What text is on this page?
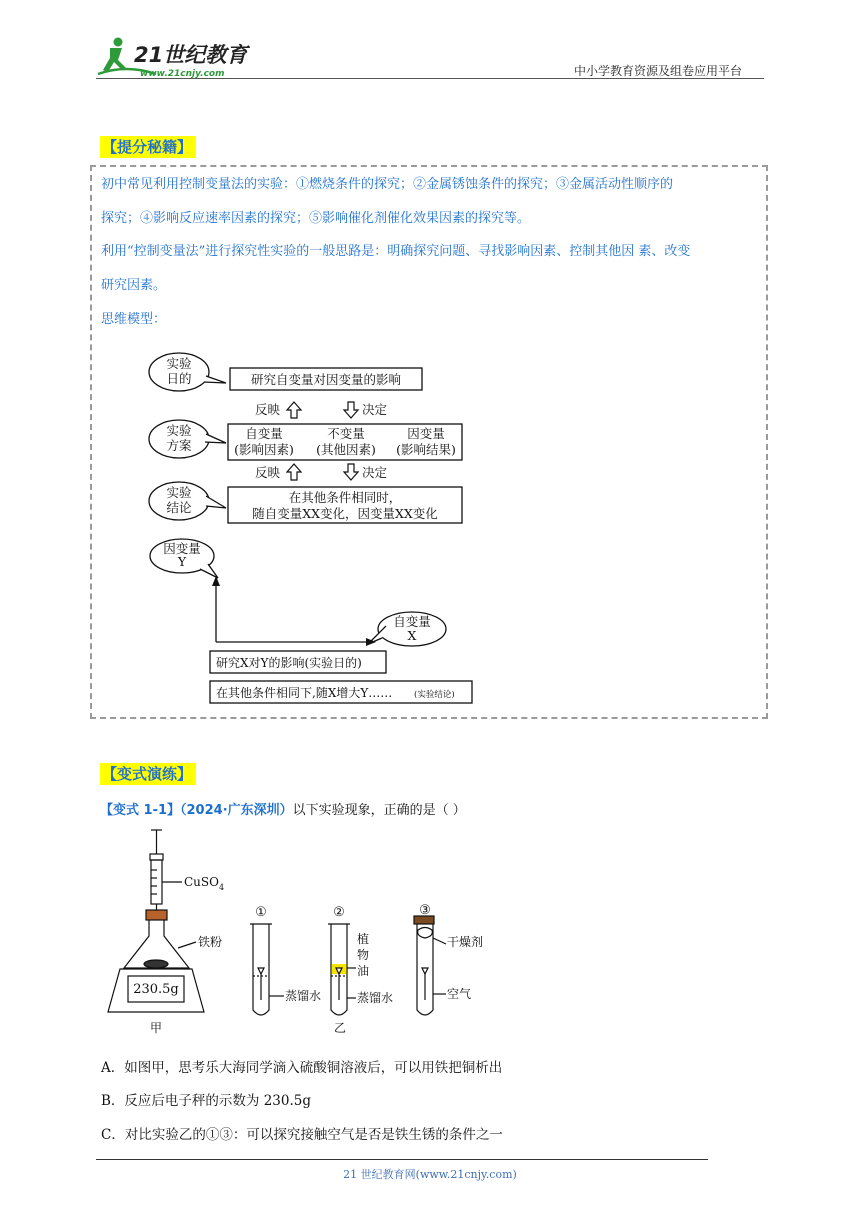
21世纪教育
www.21cnjy.com	中小学教育资源及组卷应用平台
【提分秘籍】
初中常见利用控制变量法的实验：①燃烧条件的探究；②金属锈蚀条件的探究；③金属活动性顺序的
探究；④影响反应速率因素的探究；⑤影响催化剂催化效果因素的探究等。
利用“控制变量法”进行探究性实验的一般思路是：明确探究问题、寻找影响因素、控制其他因 素、改变
研究因素。
思维模型：
实验
日的	研究自变量对因变量的影响
反映	决定
实验
方案
自变量
(影响因素)
不变量
(其他因素)
因变量
(影响结果)
反映	决定
实验
结论
在其他条件相同时，
随自变量XX变化，因变量XX变化
因变量
Y
自变量
X
研究X对Y的影响(实验日的)
在其他条件相同下,随X增大Y……	(实验结论)
【变式演练】
【变式 1-1】（2024·广东深圳）以下实验现象，正确的是（ ）
CuSO$_4$
铁粉
230.5g
甲
①	②	③
蒸馏水
植
物
油
蒸馏水
乙
干燥剂
空气
A．如图甲，思考乐大海同学滴入硫酸铜溶液后，可以用铁把铜析出
B．反应后电子秤的示数为 230.5g
C．对比实验乙的①③：可以探究接触空气是否是铁生锈的条件之一
21 世纪教育网(www.21cnjy.com)
